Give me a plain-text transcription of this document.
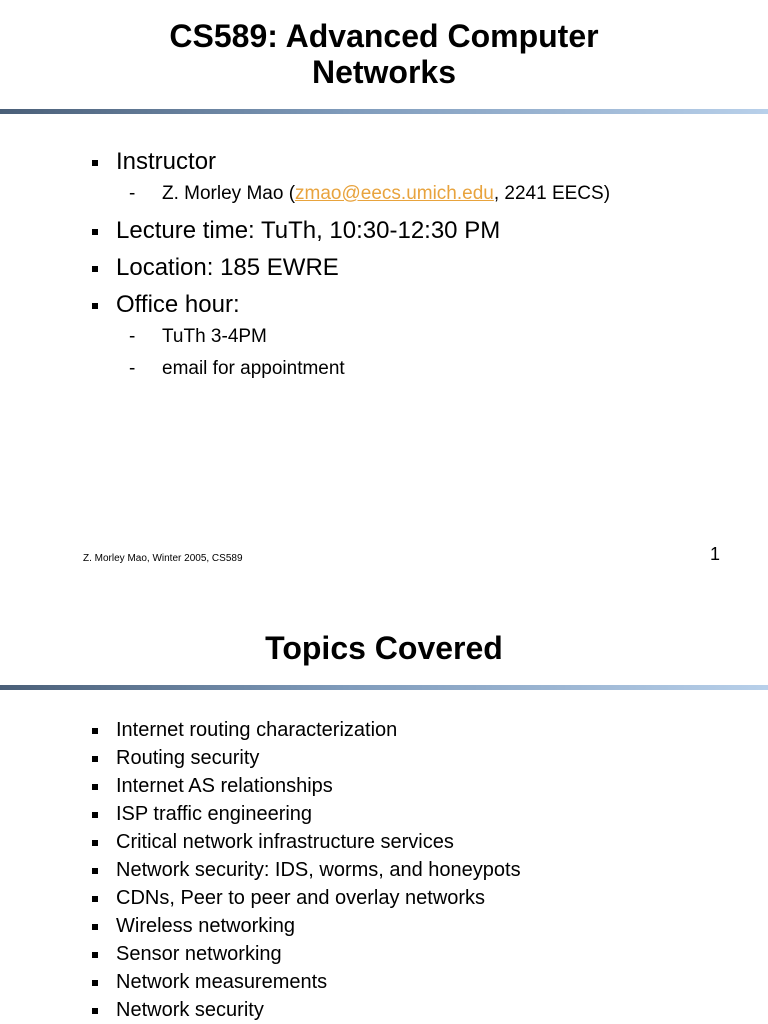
CS589: Advanced Computer
Networks
Instructor
- Z. Morley Mao (zmao@eecs.umich.edu, 2241 EECS)
Lecture time: TuTh, 10:30-12:30 PM
Location: 185 EWRE
Office hour:
- TuTh 3-4PM
- email for appointment
Z. Morley Mao, Winter 2005, CS589	1
Topics Covered
Internet routing characterization
Routing security
Internet AS relationships
ISP traffic engineering
Critical network infrastructure services
Network security: IDS, worms, and honeypots
CDNs, Peer to peer and overlay networks
Wireless networking
Sensor networking
Network measurements
Network security
